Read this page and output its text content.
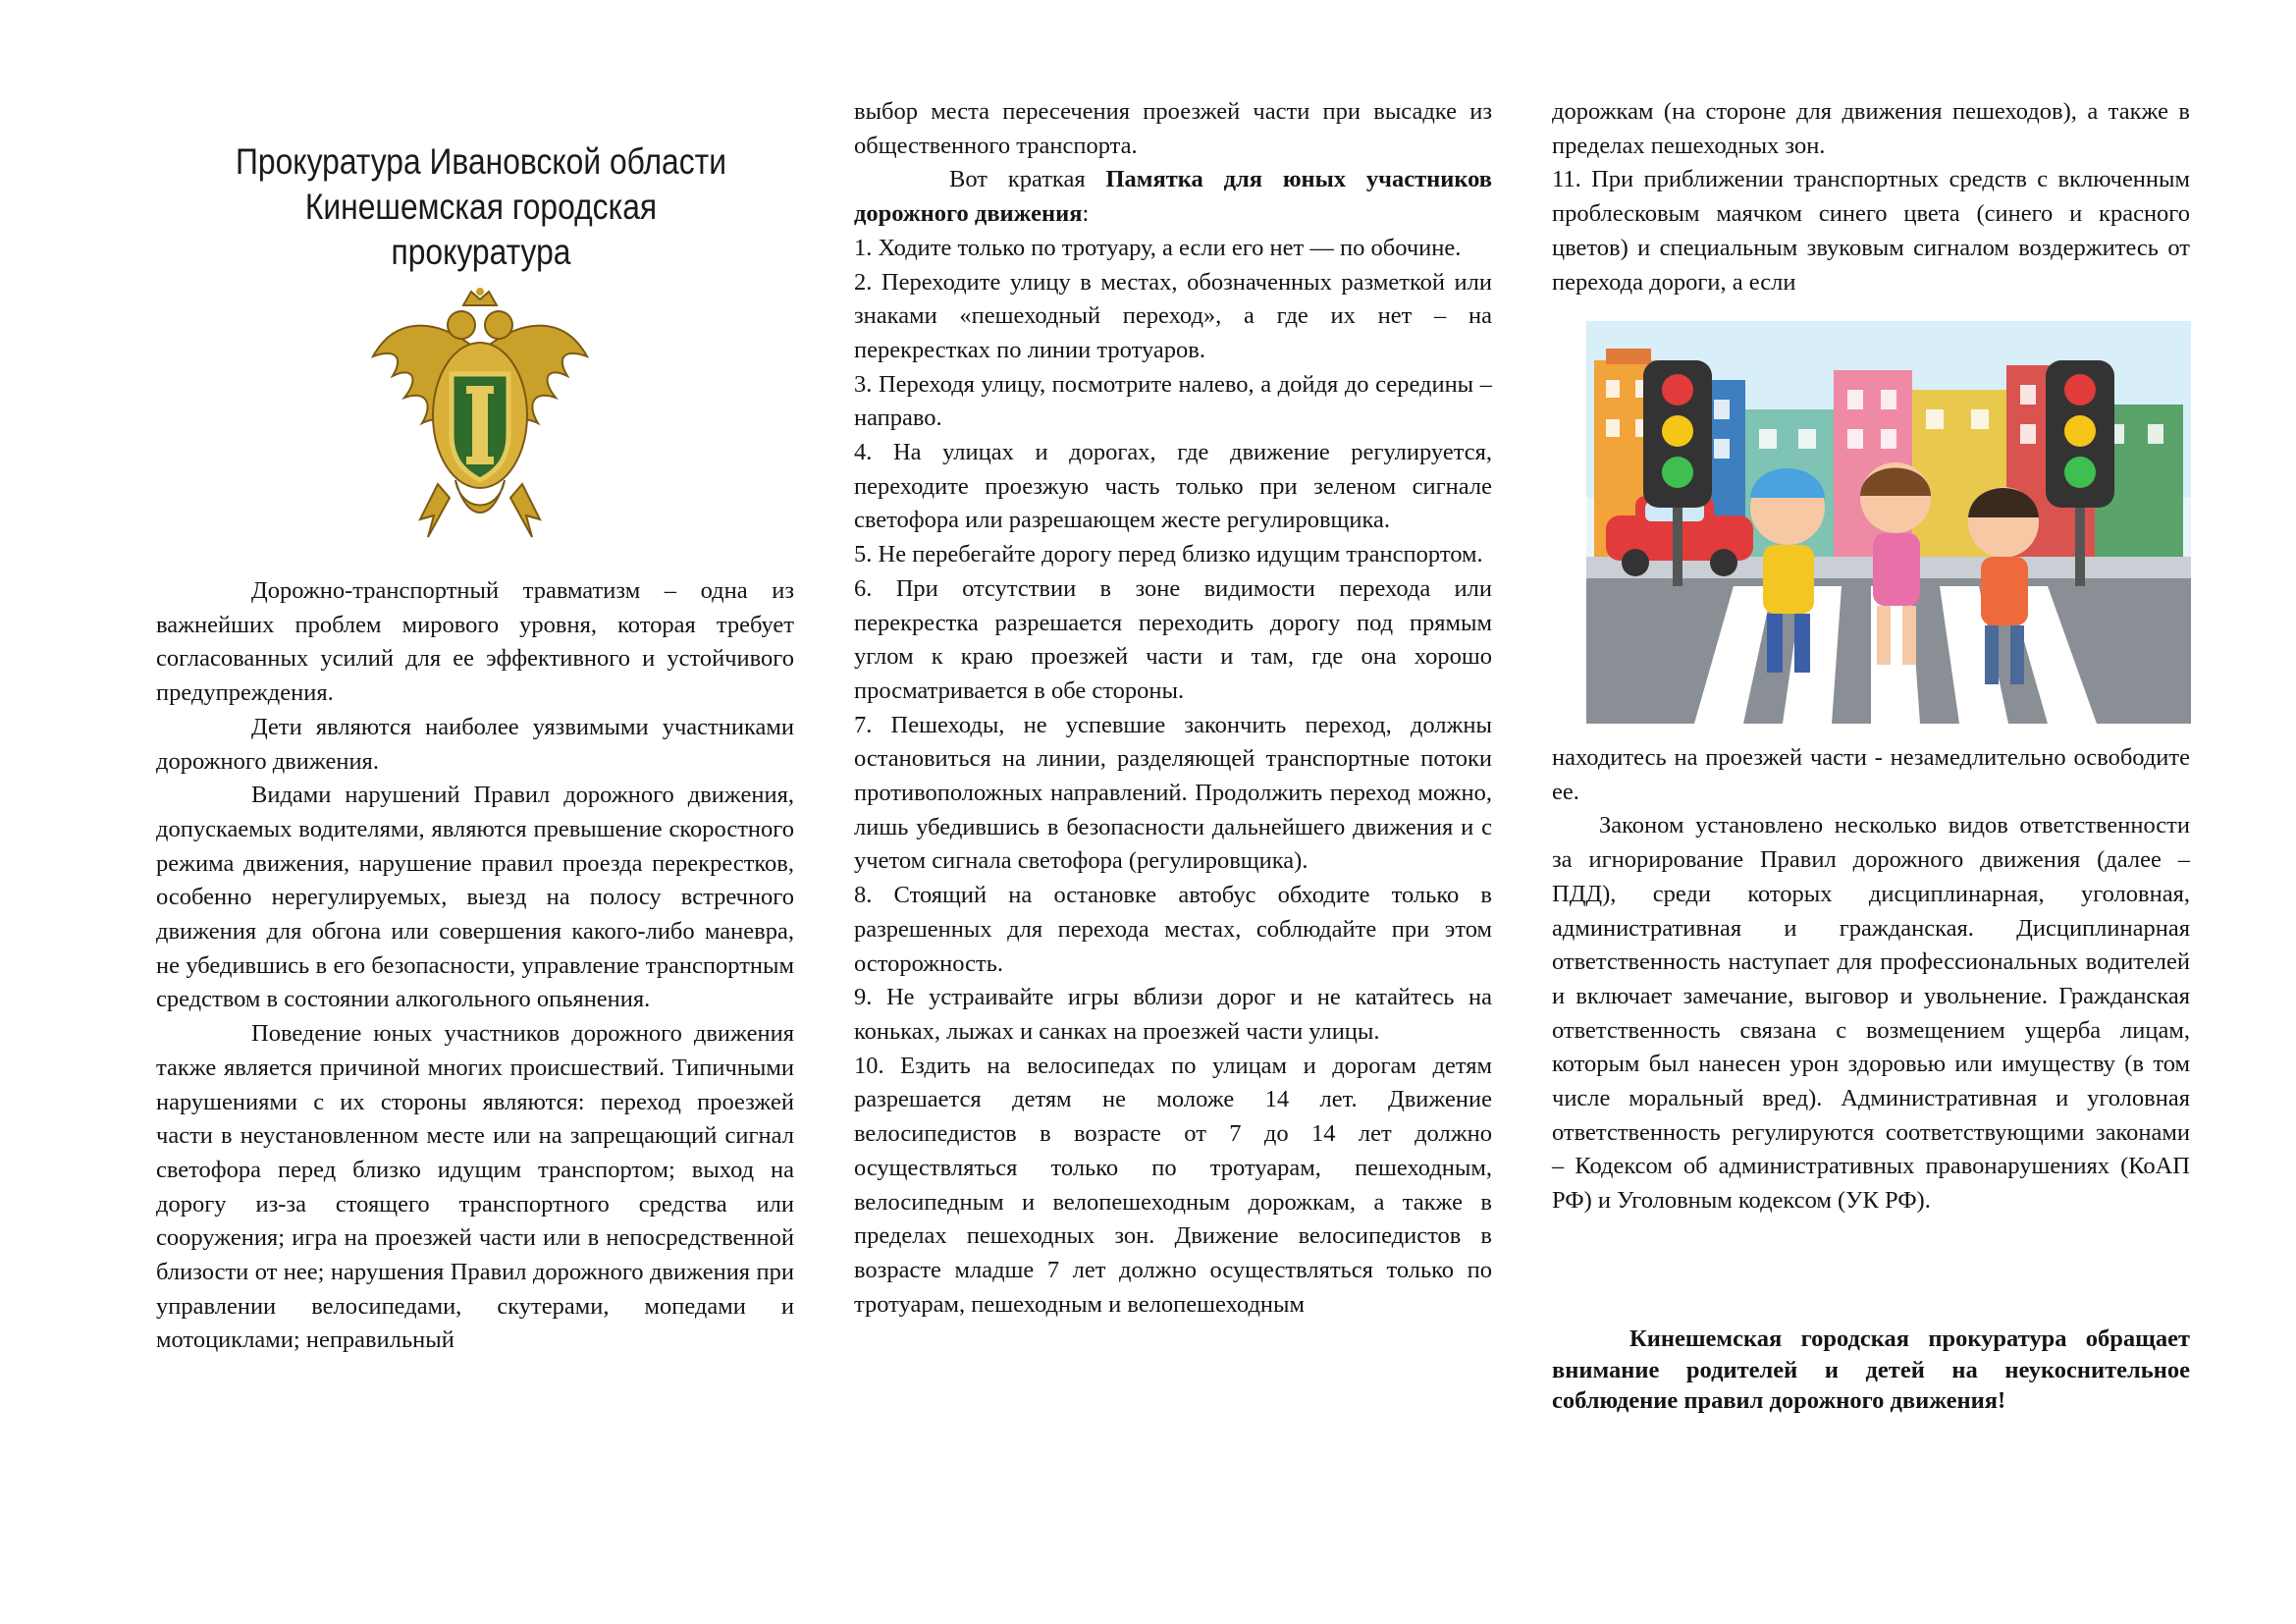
Прокуратура Ивановской области
Кинешемская городская
прокуратура

Дорожно-транспортный травматизм – одна из важнейших проблем мирового уровня, которая требует согласованных усилий для ее эффективного и устойчивого предупреждения.

Дети являются наиболее уязвимыми участниками дорожного движения.

Видами нарушений Правил дорожного движения, допускаемых водителями, являются превышение скоростного режима движения, нарушение правил проезда перекрестков, особенно нерегулируемых, выезд на полосу встречного движения для обгона или совершения какого-либо маневра, не убедившись в его безопасности, управление транспортным средством в состоянии алкогольного опьянения.

Поведение юных участников дорожного движения также является причиной многих происшествий. Типичными нарушениями с их стороны являются: переход проезжей части в неустановленном месте или на запрещающий сигнал светофора перед близко идущим транспортом; выход на дорогу из-за стоящего транспортного средства или сооружения; игра на проезжей части или в непосредственной близости от нее; нарушения Правил дорожного движения при управлении велосипедами, скутерами, мопедами и мотоциклами; неправильный

выбор места пересечения проезжей части при высадке из общественного транспорта.

Вот краткая Памятка для юных участников дорожного движения:

1. Ходите только по тротуару, а если его нет — по обочине.

2. Переходите улицу в местах, обозначенных разметкой или знаками «пешеходный переход», а где их нет – на перекрестках по линии тротуаров.

3. Переходя улицу, посмотрите налево, а дойдя до середины – направо.

4. На улицах и дорогах, где движение регулируется, переходите проезжую часть только при зеленом сигнале светофора или разрешающем жесте регулировщика.

5. Не перебегайте дорогу перед близко идущим транспортом.

6. При отсутствии в зоне видимости перехода или перекрестка разрешается переходить дорогу под прямым углом к краю проезжей части и там, где она хорошо просматривается в обе стороны.

7. Пешеходы, не успевшие закончить переход, должны остановиться на линии, разделяющей транспортные потоки противоположных направлений. Продолжить переход можно, лишь убедившись в безопасности дальнейшего движения и с учетом сигнала светофора (регулировщика).

8. Стоящий на остановке автобус обходите только в разрешенных для перехода местах, соблюдайте при этом осторожность.

9. Не устраивайте игры вблизи дорог и не катайтесь на коньках, лыжах и санках на проезжей части улицы.

10. Ездить на велосипедах по улицам и дорогам детям разрешается детям не моложе 14 лет. Движение велосипедистов в возрасте от 7 до 14 лет должно осуществляться только по тротуарам, пешеходным, велосипедным и велопешеходным дорожкам, а также в пределах пешеходных зон. Движение велосипедистов в возрасте младше 7 лет должно осуществляться только по тротуарам, пешеходным и велопешеходным

дорожкам (на стороне для движения пешеходов), а также в пределах пешеходных зон.

11. При приближении транспортных средств с включенным проблесковым маячком синего цвета (синего и красного цветов) и специальным звуковым сигналом воздержитесь от перехода дороги, а если

находитесь на проезжей части - незамедлительно освободите ее.

Законом установлено несколько видов ответственности за игнорирование Правил дорожного движения (далее – ПДД), среди которых дисциплинарная, уголовная, административная и гражданская. Дисциплинарная ответственность наступает для профессиональных водителей и включает замечание, выговор и увольнение. Гражданская ответственность связана с возмещением ущерба лицам, которым был нанесен урон здоровью или имуществу (в том числе моральный вред). Административная и уголовная ответственность регулируются соответствующими законами – Кодексом об административных правонарушениях (КоАП РФ) и Уголовным кодексом (УК РФ).

Кинешемская городская прокуратура обращает внимание родителей и детей на неукоснительное соблюдение правил дорожного движения!
